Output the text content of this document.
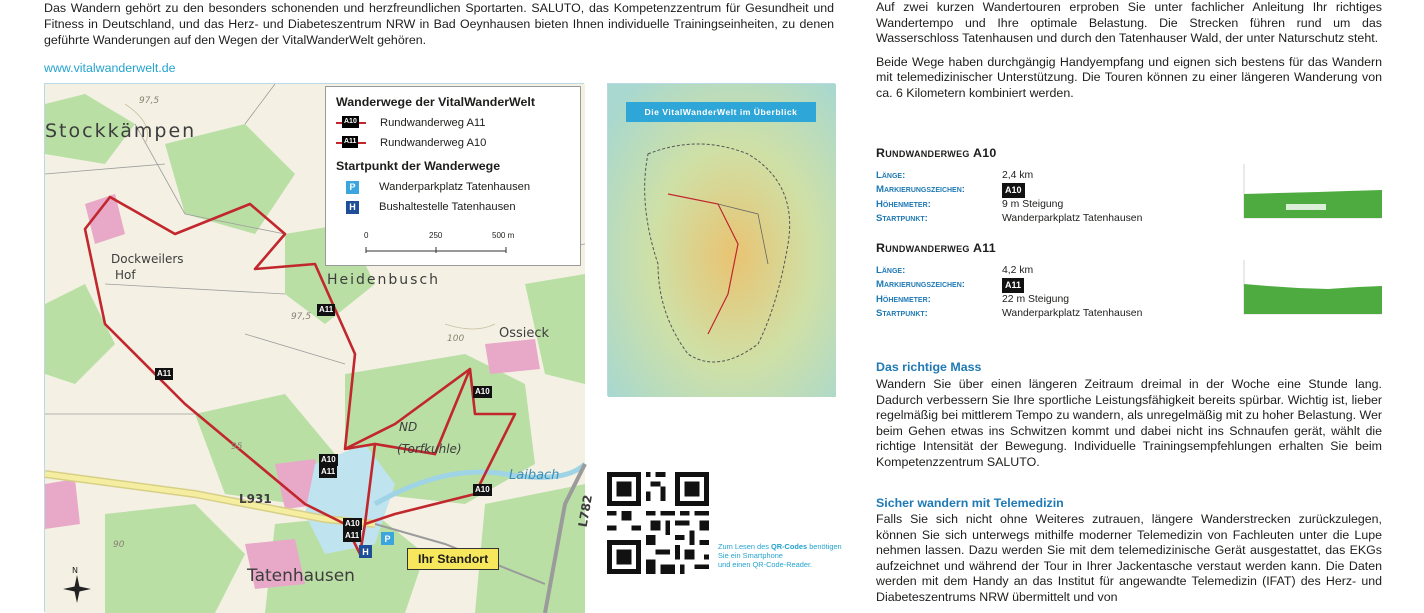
Das Wandern gehört zu den besonders schonenden und herzfreundlichen Sportarten. SALUTO, das Kompetenzzentrum für Gesundheit und Fitness in Deutschland, und das Herz- und Diabeteszentrum NRW in Bad Oeynhausen bieten Ihnen individuelle Trainingseinheiten, zu denen geführte Wanderungen auf den Wegen der VitalWanderWelt gehören.
www.vitalwanderwelt.de
Stockkämpen
Dockweilers
Hof	Heidenbusch
Ossieck
ND
(Torfkuhle)
Laibach
L931	L782
Tatenhausen
97,5
97,5
100
95
90
A11
A11
A10
A10
A11
A10
A10
A11	P
H
Ihr Standort
N
Wanderwege der VitalWanderWelt
A10 Rundwanderweg A11
A11 Rundwanderweg A10
Startpunkt der Wanderwege
P	Wanderparkplatz Tatenhausen
H Bushaltestelle Tatenhausen
0	250	500 m
Die VitalWanderWelt im Überblick
Zum Lesen des QR-Codes benötigen Sie ein Smartphone
und einen QR-Code-Reader.

Auf zwei kurzen Wandertouren erproben Sie unter fachlicher Anleitung Ihr richtiges Wandertempo und Ihre optimale Belastung. Die Strecken führen rund um das Wasserschloss Tatenhausen und durch den Tatenhauser Wald, der unter Naturschutz steht.

Beide Wege haben durchgängig Handyempfang und eignen sich bestens für das Wandern mit telemedizinischer Unterstützung. Die Touren können zu einer längeren Wanderung von ca. 6 Kilometern kombiniert werden.

Rundwanderweg A10
Länge:	2,4 km
Markierungszeichen:	A10
Höhenmeter:	9 m Steigung
Startpunkt:	Wanderparkplatz Tatenhausen
Rundwanderweg A11
Länge:	4,2 km
Markierungszeichen:	A11
Höhenmeter:	22 m Steigung
Startpunkt:	Wanderparkplatz Tatenhausen
Das richtige Mass
Wandern Sie über einen längeren Zeitraum dreimal in der Woche eine Stunde lang. Dadurch verbessern Sie Ihre sportliche Leistungsfähigkeit bereits spürbar. Wichtig ist, lieber regelmäßig bei mittlerem Tempo zu wandern, als unregelmäßig mit zu hoher Belastung. Wer beim Gehen etwas ins Schwitzen kommt und dabei nicht ins Schnaufen gerät, wählt die richtige Intensität der Bewegung. Individuelle Trainingsempfehlungen erhalten Sie beim Kompetenzzentrum SALUTO.
Sicher wandern mit Telemedizin
Falls Sie sich nicht ohne Weiteres zutrauen, längere Wanderstrecken zurückzulegen, können Sie sich unterwegs mithilfe moderner Telemedizin von Fachleuten unter die Lupe nehmen lassen. Dazu werden Sie mit dem telemedizinische Gerät ausgestattet, das EKGs aufzeichnet und während der Tour in Ihrer Jackentasche verstaut werden kann. Die Daten werden mit dem Handy an das Institut für angewandte Telemedizin (IFAT) des Herz- und Diabeteszentrums NRW übermittelt und von
